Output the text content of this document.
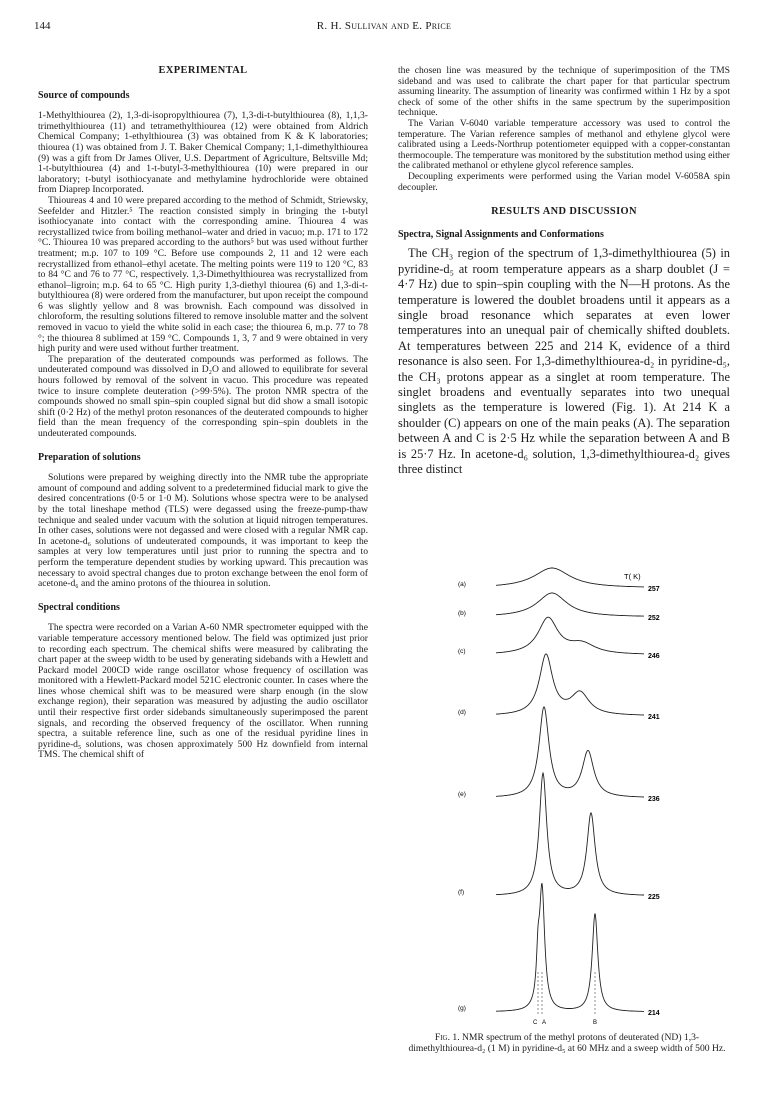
144	R. H. Sullivan and E. Price
EXPERIMENTAL
Source of compounds

1-Methylthiourea (2), 1,3-di-isopropylthiourea (7), 1,3-di-t-butylthiourea (8), 1,1,3-trimethylthiourea (11) and tetramethylthiourea (12) were obtained from Aldrich Chemical Company; 1-ethylthiourea (3) was obtained from K & K laboratories; thiourea (1) was obtained from J. T. Baker Chemical Company; 1,1-dimethylthiourea (9) was a gift from Dr James Oliver, U.S. Department of Agriculture, Beltsville Md; 1-t-butylthiourea (4) and 1-t-butyl-3-methylthiourea (10) were prepared in our laboratory; t-butyl isothiocyanate and methylamine hydrochloride were obtained from Diaprep Incorporated.

Thioureas 4 and 10 were prepared according to the method of Schmidt, Striewsky, Seefelder and Hitzler.⁵ The reaction consisted simply in bringing the t-butyl isothiocyanate into contact with the corresponding amine. Thiourea 4 was recrystallized twice from boiling methanol–water and dried in vacuo; m.p. 171 to 172 °C. Thiourea 10 was prepared according to the authors⁵ but was used without further treatment; m.p. 107 to 109 °C. Before use compounds 2, 11 and 12 were each recrystallized from ethanol–ethyl acetate. The melting points were 119 to 120 °C, 83 to 84 °C and 76 to 77 °C, respectively. 1,3-Dimethylthiourea was recrystallized from ethanol–ligroin; m.p. 64 to 65 °C. High purity 1,3-diethyl thiourea (6) and 1,3-di-t-butylthiourea (8) were ordered from the manufacturer, but upon receipt the compound 6 was slightly yellow and 8 was brownish. Each compound was dissolved in chloroform, the resulting solutions filtered to remove insoluble matter and the solvent removed in vacuo to yield the white solid in each case; the thiourea 6, m.p. 77 to 78 °; the thiourea 8 sublimed at 159 °C. Compounds 1, 3, 7 and 9 were obtained in very high purity and were used without further treatment.

The preparation of the deuterated compounds was performed as follows. The undeuterated compound was dissolved in D₂O and allowed to equilibrate for several hours followed by removal of the solvent in vacuo. This procedure was repeated twice to insure complete deuteration (>99·5%). The proton NMR spectra of the compounds showed no small spin–spin coupled signal but did show a small isotopic shift (0·2 Hz) of the methyl proton resonances of the deuterated compounds to higher field than the mean frequency of the corresponding spin–spin doublets in the undeuterated compounds.

Preparation of solutions

Solutions were prepared by weighing directly into the NMR tube the appropriate amount of compound and adding solvent to a predetermined fiducial mark to give the desired concentrations (0·5 or 1·0 M). Solutions whose spectra were to be analysed by the total lineshape method (TLS) were degassed using the freeze-pump-thaw technique and sealed under vacuum with the solution at liquid nitrogen temperatures. In other cases, solutions were not degassed and were closed with a regular NMR cap. In acetone-d₆ solutions of undeuterated compounds, it was important to keep the samples at very low temperatures until just prior to running the spectra and to perform the temperature dependent studies by working upward. This precaution was necessary to avoid spectral changes due to proton exchange between the enol form of acetone-d₆ and the amino protons of the thiourea in solution.

Spectral conditions

The spectra were recorded on a Varian A-60 NMR spectrometer equipped with the variable temperature accessory mentioned below. The field was optimized just prior to recording each spectrum. The chemical shifts were measured by calibrating the chart paper at the sweep width to be used by generating sidebands with a Hewlett and Packard model 200CD wide range oscillator whose frequency of oscillation was monitored with a Hewlett-Packard model 521C electronic counter. In cases where the lines whose chemical shift was to be measured were sharp enough (in the slow exchange region), their separation was measured by adjusting the audio oscillator until their respective first order sidebands simultaneously superimposed the parent signals, and recording the observed frequency of the oscillator. When running spectra, a suitable reference line, such as one of the residual pyridine lines in pyridine-d₅ solutions, was chosen approximately 500 Hz downfield from internal TMS. The chemical shift of

the chosen line was measured by the technique of superimposition of the TMS sideband and was used to calibrate the chart paper for that particular spectrum assuming linearity. The assumption of linearity was confirmed within 1 Hz by a spot check of some of the other shifts in the same spectrum by the superimposition technique.

The Varian V-6040 variable temperature accessory was used to control the temperature. The Varian reference samples of methanol and ethylene glycol were calibrated using a Leeds-Northrup potentiometer equipped with a copper-constantan thermocouple. The temperature was monitored by the substitution method using either the calibrated methanol or ethylene glycol reference samples.

Decoupling experiments were performed using the Varian model V-6058A spin decoupler.

RESULTS AND DISCUSSION
Spectra, Signal Assignments and Conformations

The CH₃ region of the spectrum of 1,3-dimethylthiourea (5) in pyridine-d₅ at room temperature appears as a sharp doublet (J = 4·7 Hz) due to spin–spin coupling with the N—H protons. As the temperature is lowered the doublet broadens until it appears as a single broad resonance which separates at even lower temperatures into an unequal pair of chemically shifted doublets. At temperatures between 225 and 214 K, evidence of a third resonance is also seen. For 1,3-dimethylthiourea-d₂ in pyridine-d₅, the CH₃ protons appear as a singlet at room temperature. The singlet broadens and eventually separates into two unequal singlets as the temperature is lowered (Fig. 1). At 214 K a shoulder (C) appears on one of the main peaks (A). The separation between A and C is 2·5 Hz while the separation between A and B is 25·7 Hz. In acetone-d₆ solution, 1,3-dimethylthiourea-d₂ gives three distinct

T( K)
(a)
257
(b)
252
(c)
246
(d)
241
(e)
236
(f)
225
(g)
214
A
C	B
Fig. 1. NMR spectrum of the methyl protons of deuterated (ND) 1,3-dimethylthiourea-d₂ (1 M) in pyridine-d₅ at 60 MHz and a sweep width of 500 Hz.
